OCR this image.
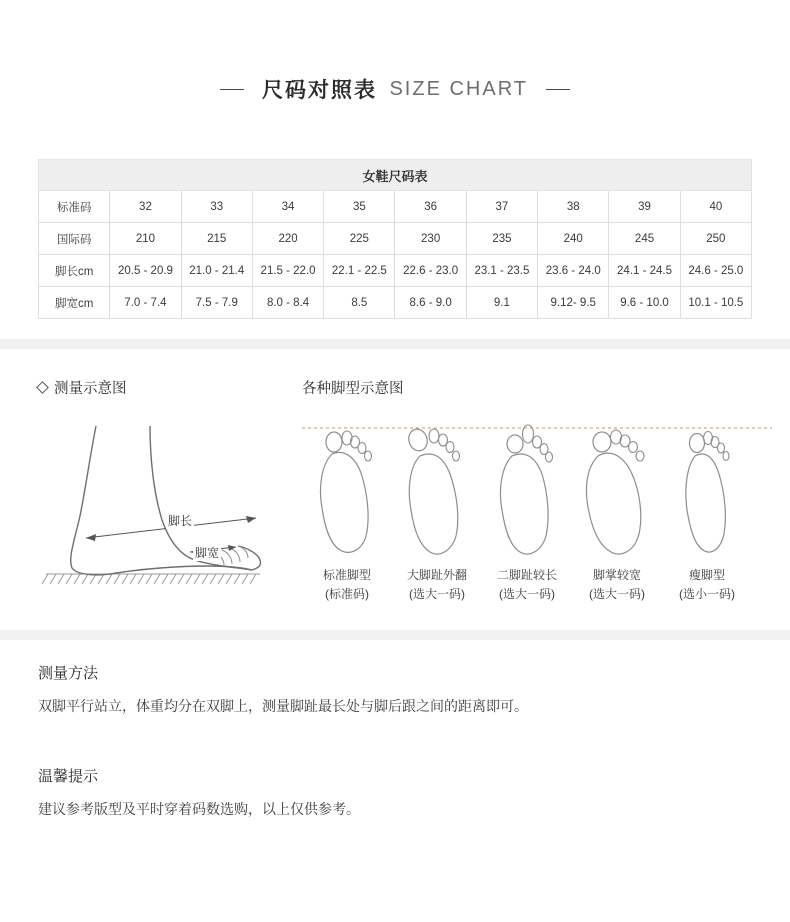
尺码对照表 SIZE CHART
女鞋尺码表									
标准码	32	33	34	35	36	37	38	39	40
国际码	210	215	220	225	230	235	240	245	250
脚长cm	20.5 - 20.9	21.0 - 21.4	21.5 - 22.0	22.1 - 22.5	22.6 - 23.0	23.1 - 23.5	23.6 - 24.0	24.1 - 24.5	24.6 - 25.0
脚宽cm	7.0 - 7.4	7.5 - 7.9	8.0 - 8.4	8.5	8.6 - 9.0	9.1	9.12- 9.5	9.6 - 10.0	10.1 - 10.5
测量示意图
脚长
脚宽
各种脚型示意图
标准脚型
(标准码)
大脚趾外翻
(选大一码)
二脚趾较长
(选大一码)
脚掌较宽
(选大一码)
瘦脚型
(选小一码)
测量方法

双脚平行站立，体重均分在双脚上，测量脚趾最长处与脚后跟之间的距离即可。

温馨提示

建议参考版型及平时穿着码数选购，以上仅供参考。
